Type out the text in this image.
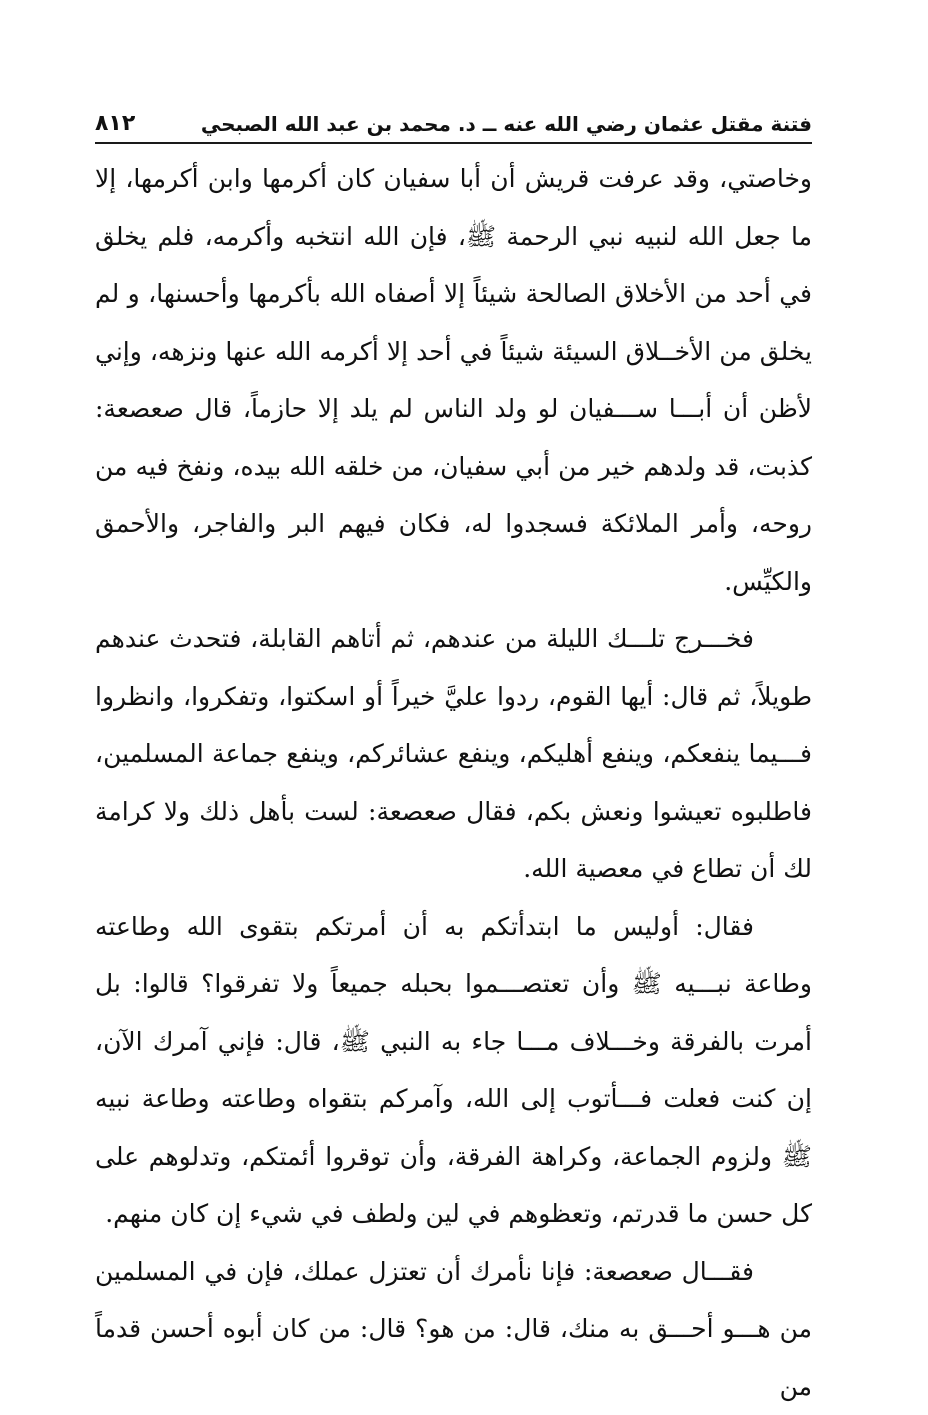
فتنة مقتل عثمان رضي الله عنه ــ د. محمد بن عبد الله الصبحي
٨١٢

وخاصتي، وقد عرفت قريش أن أبا سفيان كان أكرمها وابن أكرمها، إلا ما جعل الله لنبيه نبي الرحمة ﷺ، فإن الله انتخبه وأكرمه، فلم يخلق في أحد من الأخلاق الصالحة شيئاً إلا أصفاه الله بأكرمها وأحسنها، و لم يخلق من الأخــلاق السيئة شيئاً في أحد إلا أكرمه الله عنها ونزهه، وإني لأظن أن أبـــا ســـفيان لو ولد الناس لم يلد إلا حازماً، قال صعصعة: كذبت، قد ولدهم خير من أبي سفيان، من خلقه الله بيده، ونفخ فيه من روحه، وأمر الملائكة فسجدوا له، فكان فيهم البر والفاجر، والأحمق والكيِّس.

فخـــرج تلـــك الليلة من عندهم، ثم أتاهم القابلة، فتحدث عندهم طويلاً، ثم قال: أيها القوم، ردوا عليَّ خيراً أو اسكتوا، وتفكروا، وانظروا فـــيما ينفعكم، وينفع أهليكم، وينفع عشائركم، وينفع جماعة المسلمين، فاطلبوه تعيشوا ونعش بكم، فقال صعصعة: لست بأهل ذلك ولا كرامة لك أن تطاع في معصية الله.

فقال: أوليس ما ابتدأتكم به أن أمرتكم بتقوى الله وطاعته وطاعة نبـــيه ﷺ وأن تعتصـــموا بحبله جميعاً ولا تفرقوا؟ قالوا: بل أمرت بالفرقة وخـــلاف مـــا جاء به النبي ﷺ، قال: فإني آمرك الآن، إن كنت فعلت فـــأتوب إلى الله، وآمركم بتقواه وطاعته وطاعة نبيه ﷺ ولزوم الجماعة، وكراهة الفرقة، وأن توقروا أئمتكم، وتدلوهم على كل حسن ما قدرتم، وتعظوهم في لين ولطف في شيء إن كان منهم.

فقـــال صعصعة: فإنا نأمرك أن تعتزل عملك، فإن في المسلمين من هـــو أحـــق به منك، قال: من هو؟ قال: من كان أبوه أحسن قدماً من
